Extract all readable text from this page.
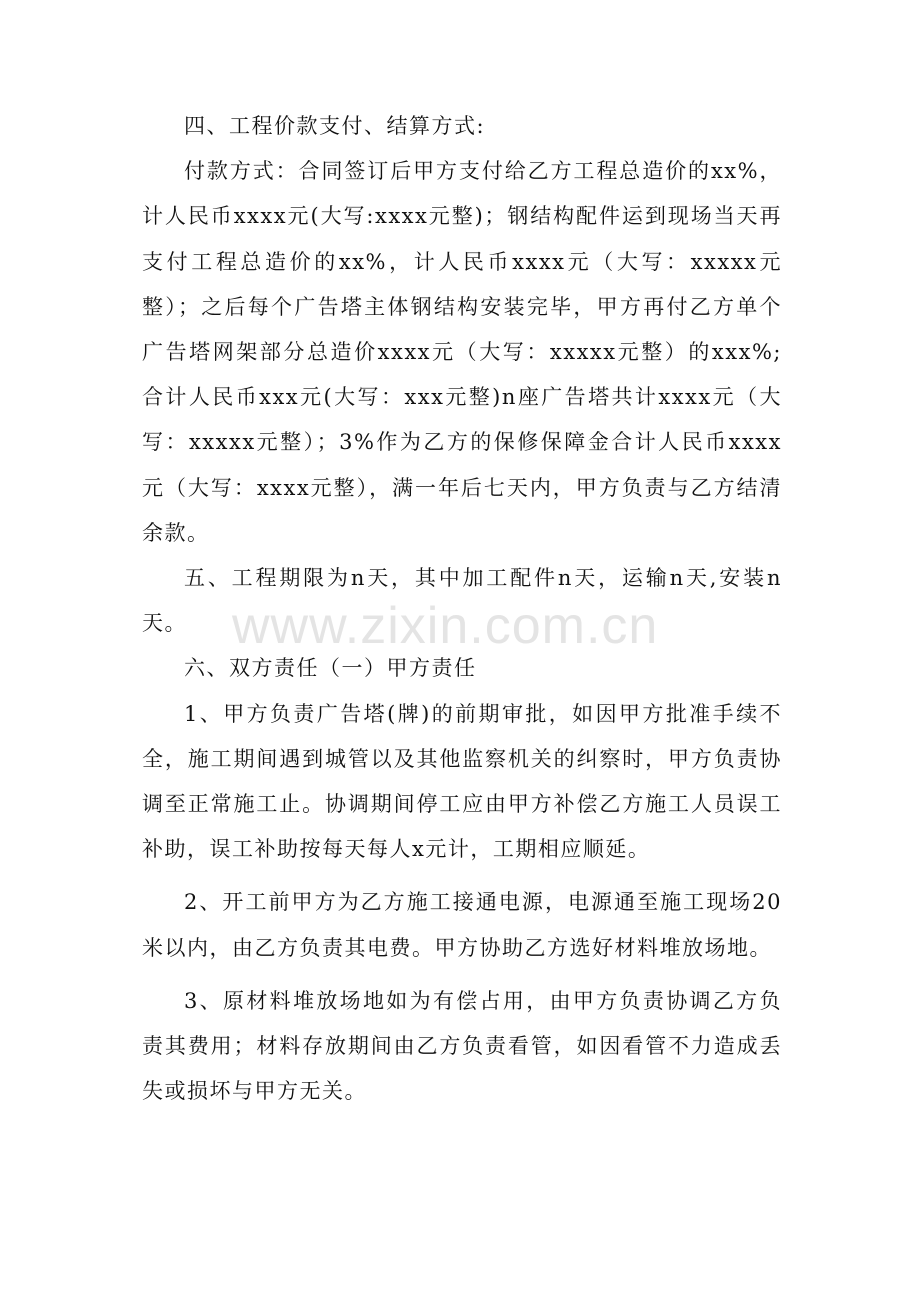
四、工程价款支付、结算方式:

付款方式：合同签订后甲方支付给乙方工程总造价的xx%，计人民币xxxx元(大写:xxxx元整)；钢结构配件运到现场当天再支付工程总造价的xx%，计人民币xxxx元（大写：xxxxx元整）；之后每个广告塔主体钢结构安装完毕，甲方再付乙方单个广告塔网架部分总造价xxxx元（大写：xxxxx元整）的xxx%;合计人民币xxx元(大写：xxx元整)n座广告塔共计xxxx元（大写：xxxxx元整）；3%作为乙方的保修保障金合计人民币xxxx元（大写：xxxx元整），满一年后七天内，甲方负责与乙方结清余款。

五、工程期限为n天，其中加工配件n天，运输n天,安装n天。

六、双方责任（一）甲方责任

1、甲方负责广告塔(牌)的前期审批，如因甲方批准手续不全，施工期间遇到城管以及其他监察机关的纠察时，甲方负责协调至正常施工止。协调期间停工应由甲方补偿乙方施工人员误工补助，误工补助按每天每人x元计，工期相应顺延。

2、开工前甲方为乙方施工接通电源，电源通至施工现场20米以内，由乙方负责其电费。甲方协助乙方选好材料堆放场地。

3、原材料堆放场地如为有偿占用，由甲方负责协调乙方负责其费用；材料存放期间由乙方负责看管，如因看管不力造成丢失或损坏与甲方无关。

www.zixin.com.cn
